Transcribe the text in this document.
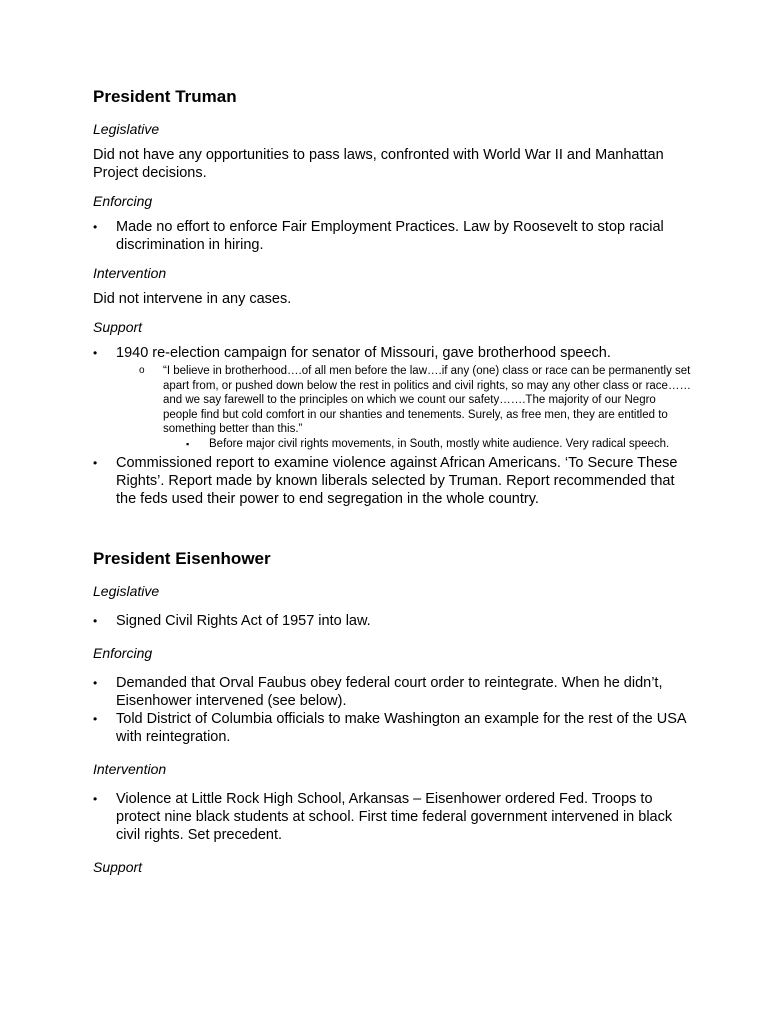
President Truman
Legislative

Did not have any opportunities to pass laws, confronted with World War II and Manhattan Project decisions.

Enforcing
• Made no effort to enforce Fair Employment Practices. Law by Roosevelt to stop racial discrimination in hiring.
Intervention

Did not intervene in any cases.

Support
• 1940 re-election campaign for senator of Missouri, gave brotherhood speech.
o “I believe in brotherhood….of all men before the law….if any (one) class or race can be permanently set apart from, or pushed down below the rest in politics and civil rights, so may any other class or race…… and we say farewell to the principles on which we count our safety…….The majority of our Negro people find but cold comfort in our shanties and tenements. Surely, as free men, they are entitled to something better than this.”
▪ Before major civil rights movements, in South, mostly white audience. Very radical speech.
• Commissioned report to examine violence against African Americans. ‘To Secure These Rights’. Report made by known liberals selected by Truman. Report recommended that the feds used their power to end segregation in the whole country.
President Eisenhower
Legislative
• Signed Civil Rights Act of 1957 into law.
Enforcing
• Demanded that Orval Faubus obey federal court order to reintegrate. When he didn’t, Eisenhower intervened (see below).
• Told District of Columbia officials to make Washington an example for the rest of the USA with reintegration.
Intervention
• Violence at Little Rock High School, Arkansas – Eisenhower ordered Fed. Troops to protect nine black students at school. First time federal government intervened in black civil rights. Set precedent.
Support
